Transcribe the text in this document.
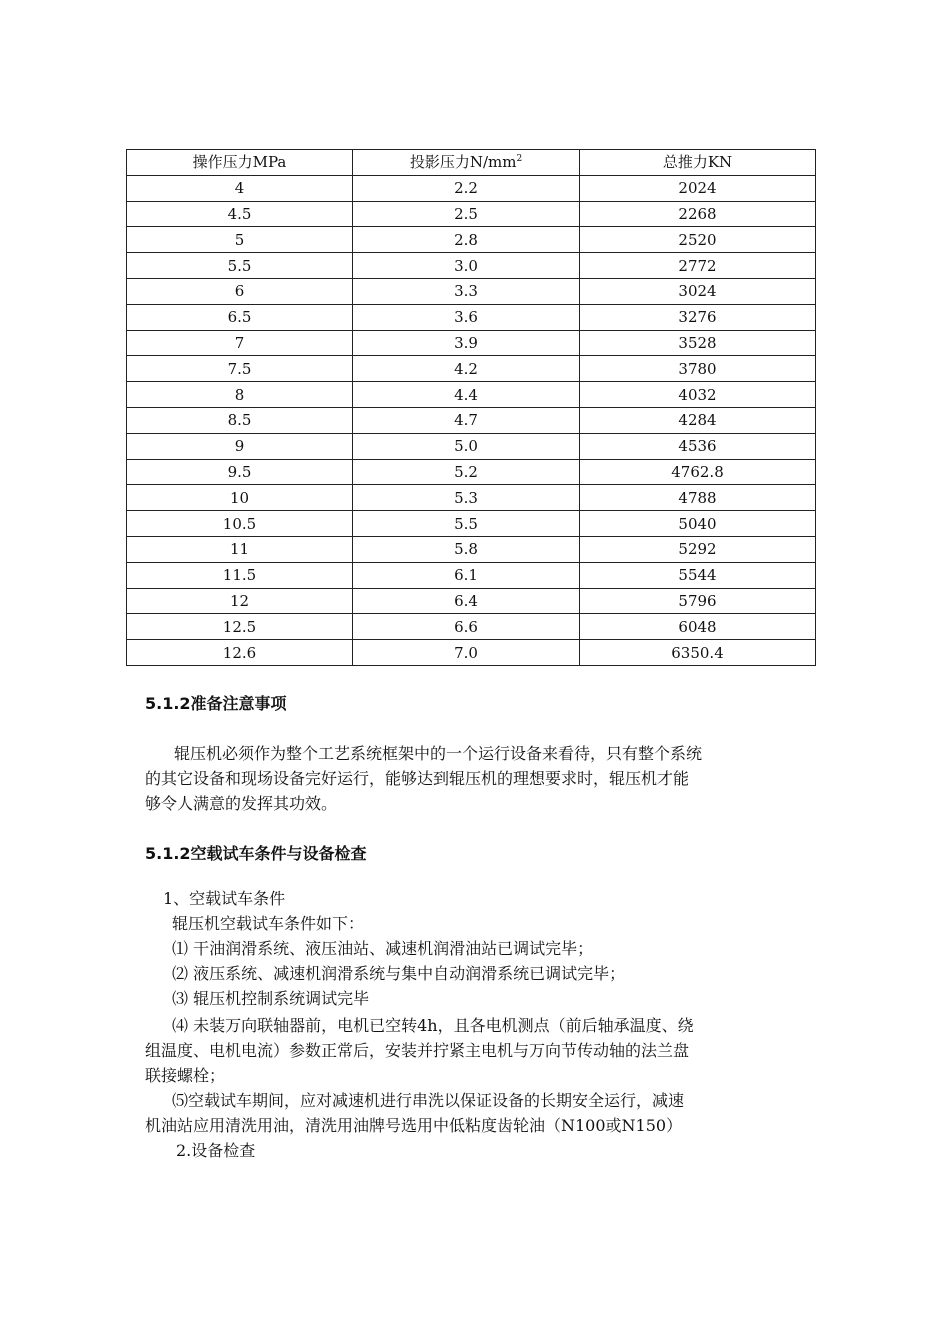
操作压力MPa	投影压力$N/mm^2$	总推力KN
4	2.2	2024
4.5	2.5	2268
5	2.8	2520
5.5	3.0	2772
6	3.3	3024
6.5	3.6	3276
7	3.9	3528
7.5	4.2	3780
8	4.4	4032
8.5	4.7	4284
9	5.0	4536
9.5	5.2	4762.8
10	5.3	4788
10.5	5.5	5040
11	5.8	5292
11.5	6.1	5544
12	6.4	5796
12.5	6.6	6048
12.6	7.0	6350.4
5.1.2准备注意事项
辊压机必须作为整个工艺系统框架中的一个运行设备来看待，只有整个系统
的其它设备和现场设备完好运行，能够达到辊压机的理想要求时，辊压机才能
够令人满意的发挥其功效。
5.1.2空载试车条件与设备检查
1、空载试车条件
辊压机空载试车条件如下：
⑴ 干油润滑系统、液压油站、减速机润滑油站已调试完毕；
⑵ 液压系统、减速机润滑系统与集中自动润滑系统已调试完毕；
⑶ 辊压机控制系统调试完毕
⑷ 未装万向联轴器前，电机已空转4h，且各电机测点（前后轴承温度、绕
组温度、电机电流）参数正常后，安装并拧紧主电机与万向节传动轴的法兰盘
联接螺栓；
⑸空载试车期间，应对减速机进行串洗以保证设备的长期安全运行，减速
机油站应用清洗用油，清洗用油牌号选用中低粘度齿轮油（N100或N150）
2.设备检查
